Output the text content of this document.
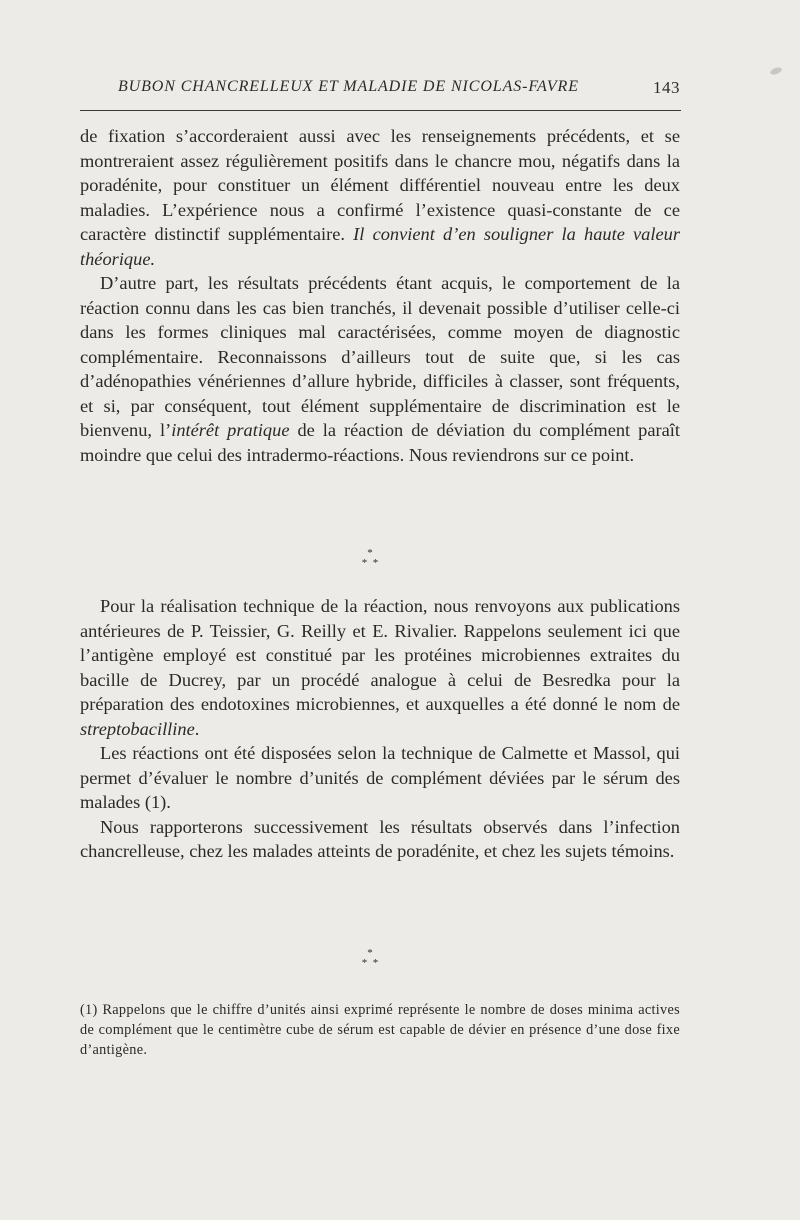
BUBON CHANCRELLEUX ET MALADIE DE NICOLAS-FAVRE	143

de fixation s’accorderaient aussi avec les renseignements précédents, et se montreraient assez régulièrement positifs dans le chancre mou, négatifs dans la poradénite, pour constituer un élément différentiel nouveau entre les deux maladies. L’expérience nous a confirmé l’existence quasi-constante de ce caractère distinctif supplémentaire. Il convient d’en souligner la haute valeur théorique.

D’autre part, les résultats précédents étant acquis, le comportement de la réaction connu dans les cas bien tranchés, il devenait possible d’utiliser celle-ci dans les formes cliniques mal caractérisées, comme moyen de diagnostic complémentaire. Reconnaissons d’ailleurs tout de suite que, si les cas d’adénopathies vénériennes d’allure hybride, difficiles à classer, sont fréquents, et si, par conséquent, tout élément supplémentaire de discrimination est le bienvenu, l’intérêt pratique de la réaction de déviation du complément paraît moindre que celui des intradermo-réactions. Nous reviendrons sur ce point.

*
* *

Pour la réalisation technique de la réaction, nous renvoyons aux publications antérieures de P. Teissier, G. Reilly et E. Rivalier. Rappelons seulement ici que l’antigène employé est constitué par les protéines microbiennes extraites du bacille de Ducrey, par un procédé analogue à celui de Besredka pour la préparation des endotoxines microbiennes, et auxquelles a été donné le nom de streptobacilline.

Les réactions ont été disposées selon la technique de Calmette et Massol, qui permet d’évaluer le nombre d’unités de complément déviées par le sérum des malades (1).

Nous rapporterons successivement les résultats observés dans l’infection chancrelleuse, chez les malades atteints de poradénite, et chez les sujets témoins.

*
* *

(1) Rappelons que le chiffre d’unités ainsi exprimé représente le nombre de doses minima actives de complément que le centimètre cube de sérum est capable de dévier en présence d’une dose fixe d’antigène.
